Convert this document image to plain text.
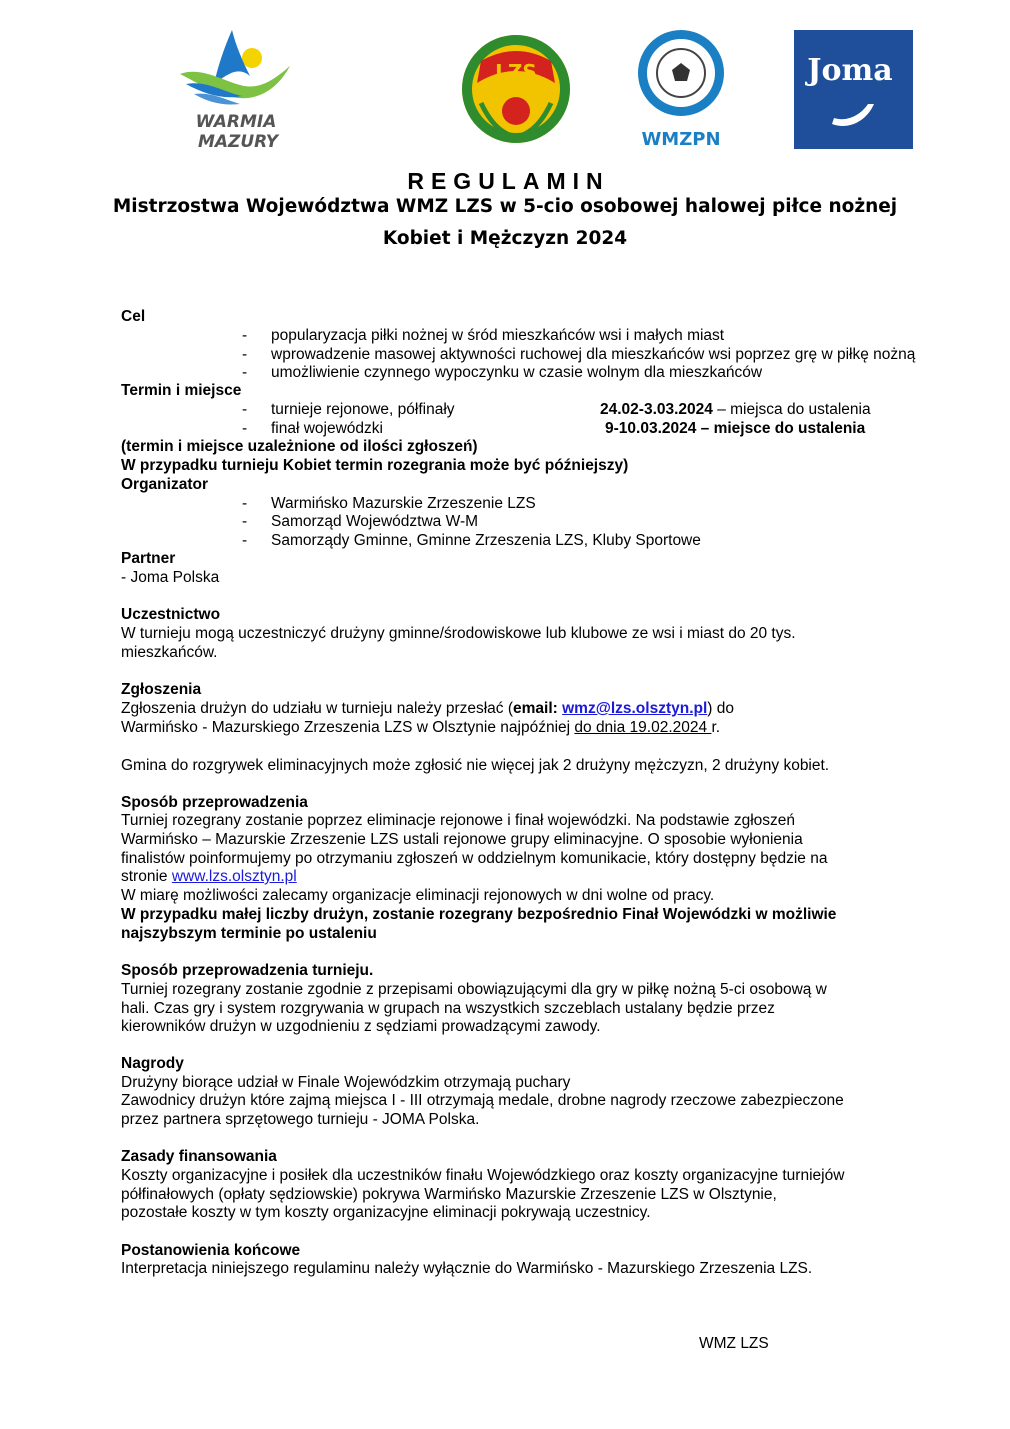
WARMIA
MAZURY
LZS
WMZPN
Joma
REGULAMIN
Mistrzostwa Województwa WMZ LZS w 5-cio osobowej halowej piłce nożnej
Kobiet i Mężczyzn 2024
Cel
- popularyzacja piłki nożnej w śród mieszkańców wsi i małych miast
- wprowadzenie masowej aktywności ruchowej dla mieszkańców wsi poprzez grę w piłkę nożną
- umożliwienie czynnego wypoczynku w czasie wolnym dla mieszkańców
Termin i miejsce
- turnieje rejonowe, półfinały	24.02-3.03.2024 – miejsca do ustalenia
- finał wojewódzki	9-10.03.2024 – miejsce do ustalenia
(termin i miejsce uzależnione od ilości zgłoszeń)
W przypadku turnieju Kobiet termin rozegrania może być późniejszy)
Organizator
- Warmińsko Mazurskie Zrzeszenie LZS
- Samorząd Województwa W-M
- Samorządy Gminne, Gminne Zrzeszenia LZS, Kluby Sportowe
Partner
- Joma Polska
Uczestnictwo
W turnieju mogą uczestniczyć drużyny gminne/środowiskowe lub klubowe ze wsi i miast do 20 tys.
mieszkańców.
Zgłoszenia
Zgłoszenia drużyn do udziału w turnieju należy przesłać (email: wmz@lzs.olsztyn.pl) do
Warmińsko - Mazurskiego Zrzeszenia LZS w Olsztynie najpóźniej do dnia 19.02.2024 r.
Gmina do rozgrywek eliminacyjnych może zgłosić nie więcej jak 2 drużyny mężczyzn, 2 drużyny kobiet.
Sposób przeprowadzenia
Turniej rozegrany zostanie poprzez eliminacje rejonowe i finał wojewódzki. Na podstawie zgłoszeń
Warmińsko – Mazurskie Zrzeszenie LZS ustali rejonowe grupy eliminacyjne. O sposobie wyłonienia
finalistów poinformujemy po otrzymaniu zgłoszeń w oddzielnym komunikacie, który dostępny będzie na
stronie www.lzs.olsztyn.pl
W miarę możliwości zalecamy organizacje eliminacji rejonowych w dni wolne od pracy.
W przypadku małej liczby drużyn, zostanie rozegrany bezpośrednio Finał Wojewódzki w możliwie
najszybszym terminie po ustaleniu
Sposób przeprowadzenia turnieju.
Turniej rozegrany zostanie zgodnie z przepisami obowiązującymi dla gry w piłkę nożną 5-ci osobową w
hali. Czas gry i system rozgrywania w grupach na wszystkich szczeblach ustalany będzie przez
kierowników drużyn w uzgodnieniu z sędziami prowadzącymi zawody.
Nagrody
Drużyny biorące udział w Finale Wojewódzkim otrzymają puchary
Zawodnicy drużyn które zajmą miejsca I - III otrzymają medale, drobne nagrody rzeczowe zabezpieczone
przez partnera sprzętowego turnieju - JOMA Polska.
Zasady finansowania
Koszty organizacyjne i posiłek dla uczestników finału Wojewódzkiego oraz koszty organizacyjne turniejów
półfinałowych (opłaty sędziowskie) pokrywa Warmińsko Mazurskie Zrzeszenie LZS w Olsztynie,
pozostałe koszty w tym koszty organizacyjne eliminacji pokrywają uczestnicy.
Postanowienia końcowe
Interpretacja niniejszego regulaminu należy wyłącznie do Warmińsko - Mazurskiego Zrzeszenia LZS.
WMZ LZS
